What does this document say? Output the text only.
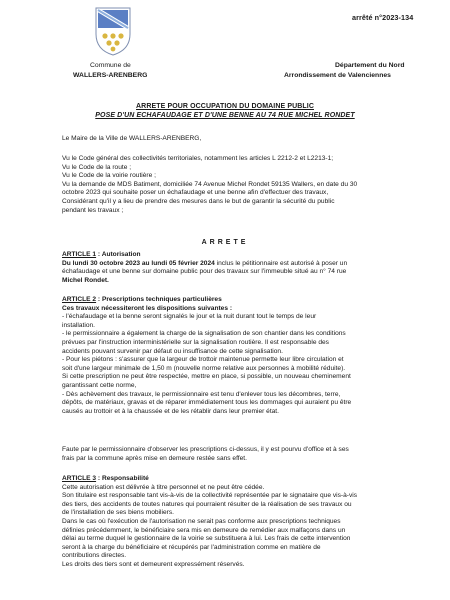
arrêté n°2023-134
Commune de
WALLERS-ARENBERG
Département du Nord
Arrondissement de Valenciennes
ARRETE POUR OCCUPATION DU DOMAINE PUBLIC
POSE D'UN ECHAFAUDAGE ET D'UNE BENNE AU 74 RUE MICHEL RONDET
Le Maire de la Ville de WALLERS-ARENBERG,
Vu le Code général des collectivités territoriales, notamment les articles L 2212-2 et L2213-1;
Vu le Code de la route ;
Vu le Code de la voirie routière ;
Vu la demande de MDS Batiment, domiciliée 74 Avenue Michel Rondet 59135 Wallers, en date du 30
octobre 2023 qui souhaite poser un échafaudage et une benne afin d'effectuer des travaux,
Considérant qu'il y a lieu de prendre des mesures dans le but de garantir la sécurité du public
pendant les travaux ;
ARRETE
ARTICLE 1 : Autorisation
Du lundi 30 octobre 2023 au lundi 05 février 2024 inclus le pétitionnaire est autorisé à poser un
échafaudage et une benne sur domaine public pour des travaux sur l'immeuble situé au n° 74 rue
Michel Rondet.
ARTICLE 2 : Prescriptions techniques particulières
Ces travaux nécessiteront les dispositions suivantes :
- l'échafaudage et la benne seront signalés le jour et la nuit durant tout le temps de leur
installation.
- le permissionnaire a également la charge de la signalisation de son chantier dans les conditions
prévues par l'instruction interministérielle sur la signalisation routière. Il est responsable des
accidents pouvant survenir par défaut ou insuffisance de cette signalisation.
- Pour les piétons : s'assurer que la largeur de trottoir maintenue permette leur libre circulation et
soit d'une largeur minimale de 1,50 m (nouvelle norme relative aux personnes à mobilité réduite).
Si cette prescription ne peut être respectée, mettre en place, si possible, un nouveau cheminement
garantissant cette norme,
- Dès achèvement des travaux, le permissionnaire est tenu d'enlever tous les décombres, terre,
dépôts, de matériaux, gravas et de réparer immédiatement tous les dommages qui auraient pu être
causés au trottoir et à la chaussée et de les rétablir dans leur premier état.
Faute par le permissionnaire d'observer les prescriptions ci-dessus, il y est pourvu d'office et à ses
frais par la commune après mise en demeure restée sans effet.
ARTICLE 3 : Responsabilité
Cette autorisation est délivrée à titre personnel et ne peut être cédée.
Son titulaire est responsable tant vis-à-vis de la collectivité représentée par le signataire que vis-à-vis
des tiers, des accidents de toutes natures qui pourraient résulter de la réalisation de ses travaux ou
de l'installation de ses biens mobiliers.
Dans le cas où l'exécution de l'autorisation ne serait pas conforme aux prescriptions techniques
définies précédemment, le bénéficiaire sera mis en demeure de remédier aux malfaçons dans un
délai au terme duquel le gestionnaire de la voirie se substituera à lui. Les frais de cette intervention
seront à la charge du bénéficiaire et récupérés par l'administration comme en matière de
contributions directes.
Les droits des tiers sont et demeurent expressément réservés.
